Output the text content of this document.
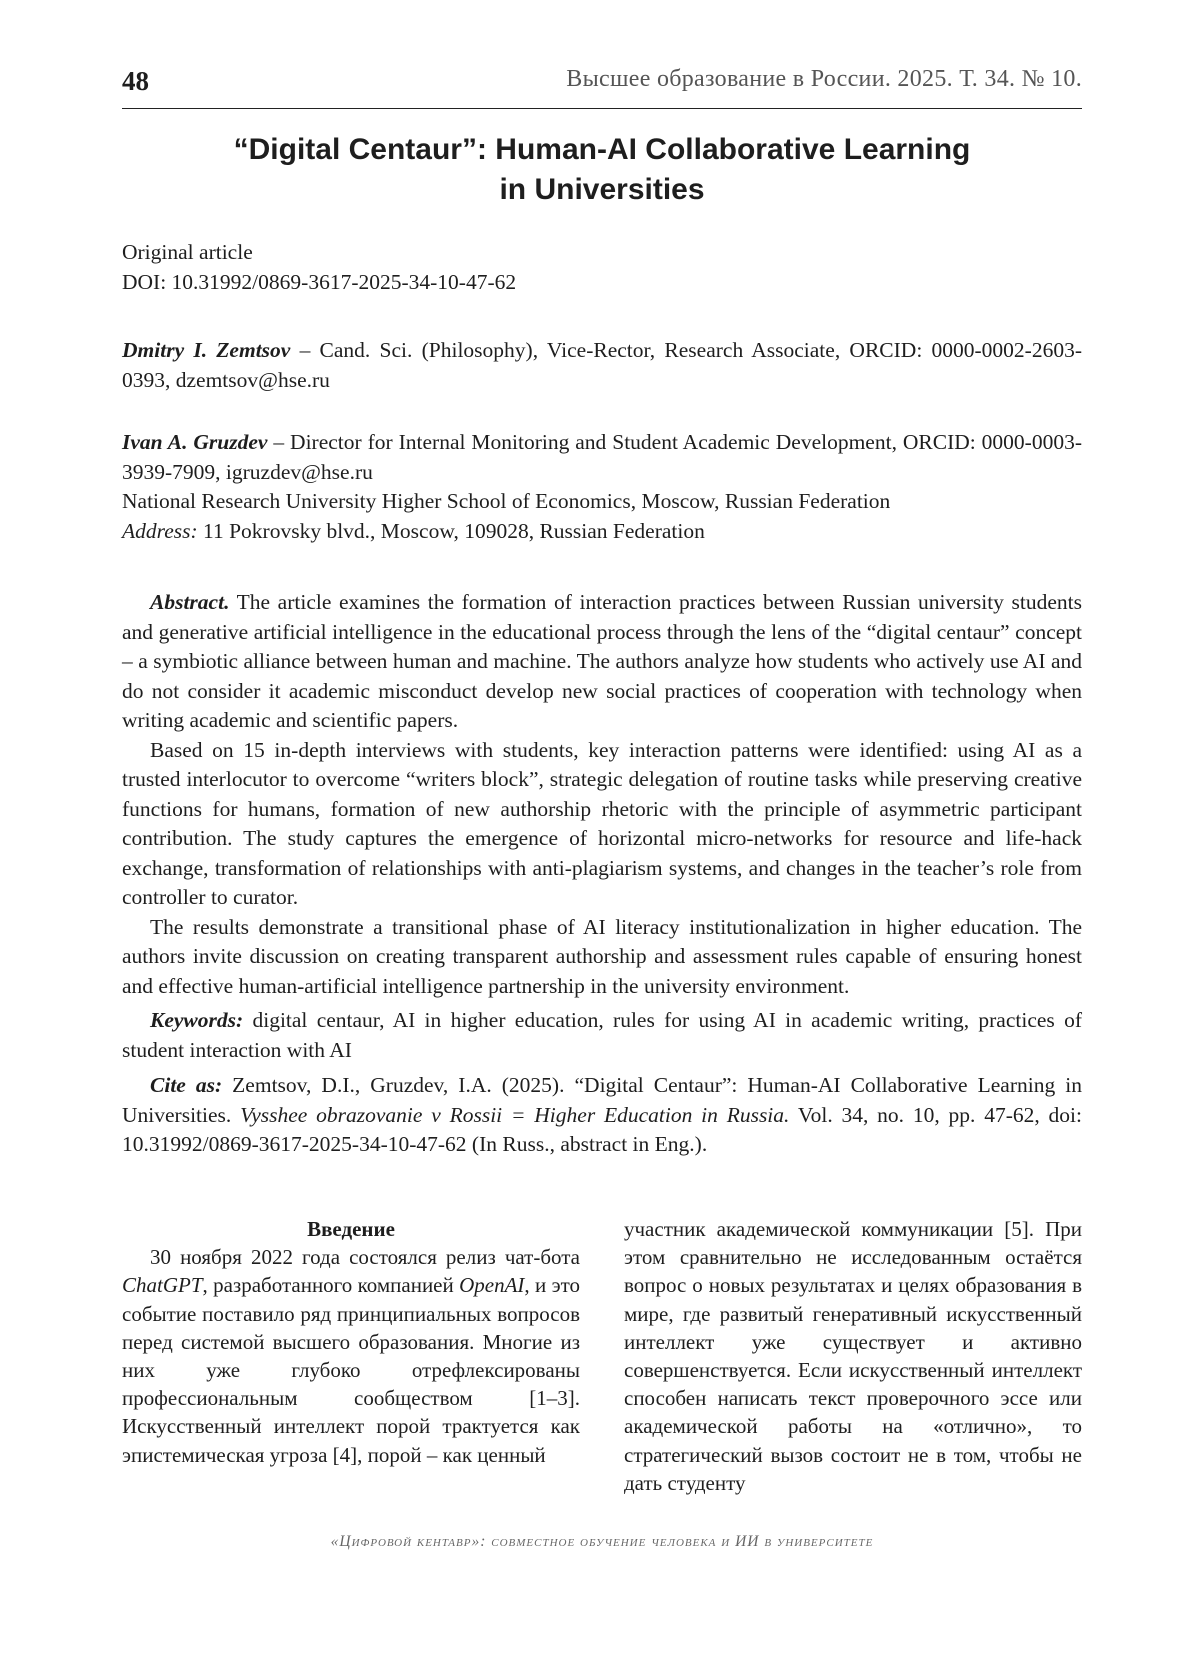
48	Высшее образование в России. 2025. Т. 34. № 10.
“Digital Centaur”: Human-AI Collaborative Learning
in Universities
Original article
DOI: 10.31992/0869-3617-2025-34-10-47-62
Dmitry I. Zemtsov – Cand. Sci. (Philosophy), Vice-Rector, Research Associate, ORCID: 0000-0002-2603-0393, dzemtsov@hse.ru
Ivan A. Gruzdev – Director for Internal Monitoring and Student Academic Development, ORCID: 0000-0003-3939-7909, igruzdev@hse.ru
National Research University Higher School of Economics, Moscow, Russian Federation
Address: 11 Pokrovsky blvd., Moscow, 109028, Russian Federation

Abstract. The article examines the formation of interaction practices between Russian university students and generative artificial intelligence in the educational process through the lens of the “digital centaur” concept – a symbiotic alliance between human and machine. The authors analyze how students who actively use AI and do not consider it academic misconduct develop new social practices of cooperation with technology when writing academic and scientific papers.

Based on 15 in-depth interviews with students, key interaction patterns were identified: using AI as a trusted interlocutor to overcome “writers block”, strategic delegation of routine tasks while preserving creative functions for humans, formation of new authorship rhetoric with the principle of asymmetric participant contribution. The study captures the emergence of horizontal micro-networks for resource and life-hack exchange, transformation of relationships with anti-plagiarism systems, and changes in the teacher’s role from controller to curator.

The results demonstrate a transitional phase of AI literacy institutionalization in higher education. The authors invite discussion on creating transparent authorship and assessment rules capable of ensuring honest and effective human-artificial intelligence partnership in the university environment.

Keywords: digital centaur, AI in higher education, rules for using AI in academic writing, practices of student interaction with AI

Cite as: Zemtsov, D.I., Gruzdev, I.A. (2025). “Digital Centaur”: Human-AI Collaborative Learning in Universities. Vysshee obrazovanie v Rossii = Higher Education in Russia. Vol. 34, no. 10, pp. 47-62, doi: 10.31992/0869-3617-2025-34-10-47-62 (In Russ., abstract in Eng.).

Введение

30 ноября 2022 года состоялся релиз чат-бота ChatGPT, разработанного компанией OpenAI, и это событие поставило ряд принципиальных вопросов перед системой высшего образования. Многие из них уже глубоко отрефлексированы профессиональным сообществом [1–3]. Искусственный интеллект порой трактуется как эпистемическая угроза [4], порой – как ценный

участник академической коммуникации [5]. При этом сравнительно не исследованным остаётся вопрос о новых результатах и целях образования в мире, где развитый генеративный искусственный интеллект уже существует и активно совершенствуется. Если искусственный интеллект способен написать текст проверочного эссе или академической работы на «отлично», то стратегический вызов состоит не в том, чтобы не дать студенту

«Цифровой кентавр»: совместное обучение человека и ИИ в университете
